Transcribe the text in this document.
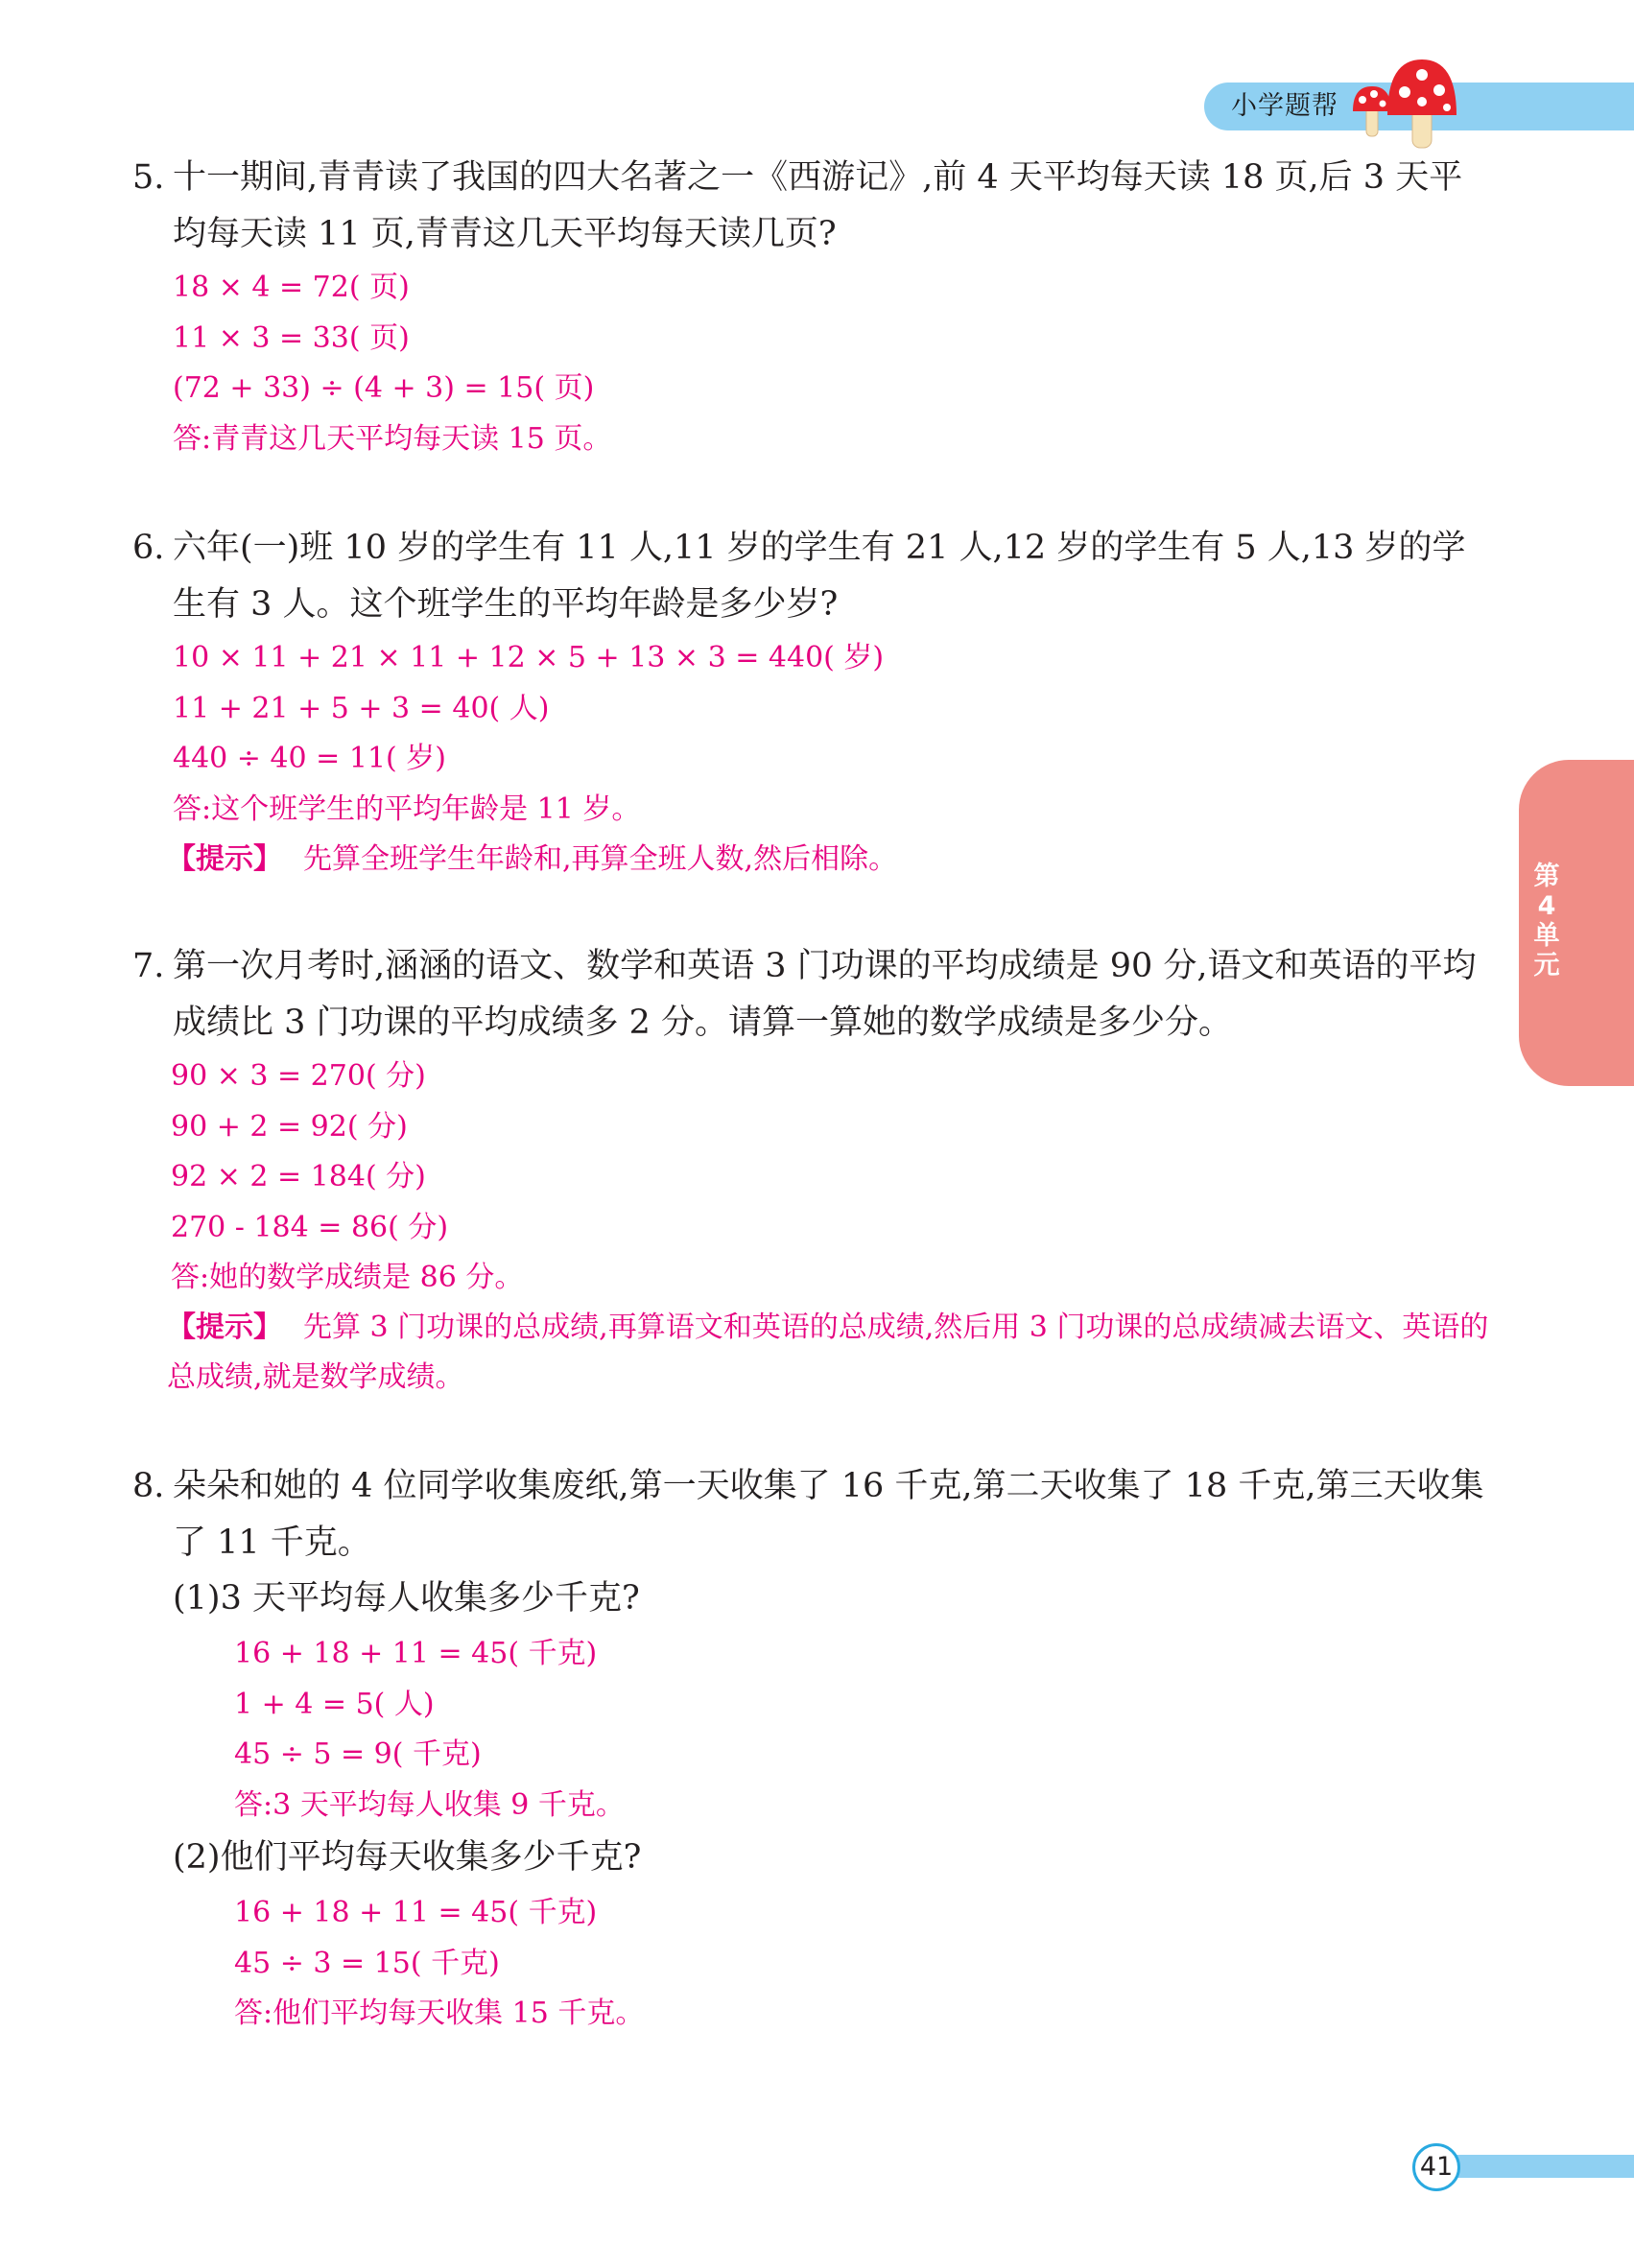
小学题帮
第4单元
5. 十一期间,青青读了我国的四大名著之一《西游记》,前 4 天平均每天读 18 页,后 3 天平均每天读 11 页,青青这几天平均每天读几页?
18 × 4 = 72( 页)
11 × 3 = 33( 页)
(72 + 33) ÷ (4 + 3) = 15( 页)
答:青青这几天平均每天读 15 页。
6. 六年(一)班 10 岁的学生有 11 人,11 岁的学生有 21 人,12 岁的学生有 5 人,13 岁的学生有 3 人。这个班学生的平均年龄是多少岁?
10 × 11 + 21 × 11 + 12 × 5 + 13 × 3 = 440( 岁)
11 + 21 + 5 + 3 = 40( 人)
440 ÷ 40 = 11( 岁)
答:这个班学生的平均年龄是 11 岁。
【提示】 先算全班学生年龄和,再算全班人数,然后相除。
7. 第一次月考时,涵涵的语文、数学和英语 3 门功课的平均成绩是 90 分,语文和英语的平均成绩比 3 门功课的平均成绩多 2 分。请算一算她的数学成绩是多少分。
90 × 3 = 270( 分)
90 + 2 = 92( 分)
92 × 2 = 184( 分)
270 - 184 = 86( 分)
答:她的数学成绩是 86 分。
【提示】 先算 3 门功课的总成绩,再算语文和英语的总成绩,然后用 3 门功课的总成绩减去语文、英语的总成绩,就是数学成绩。
8. 朵朵和她的 4 位同学收集废纸,第一天收集了 16 千克,第二天收集了 18 千克,第三天收集了 11 千克。
(1)3 天平均每人收集多少千克?
16 + 18 + 11 = 45( 千克)
1 + 4 = 5( 人)
45 ÷ 5 = 9( 千克)
答:3 天平均每人收集 9 千克。
(2)他们平均每天收集多少千克?
16 + 18 + 11 = 45( 千克)
45 ÷ 3 = 15( 千克)
答:他们平均每天收集 15 千克。
41
